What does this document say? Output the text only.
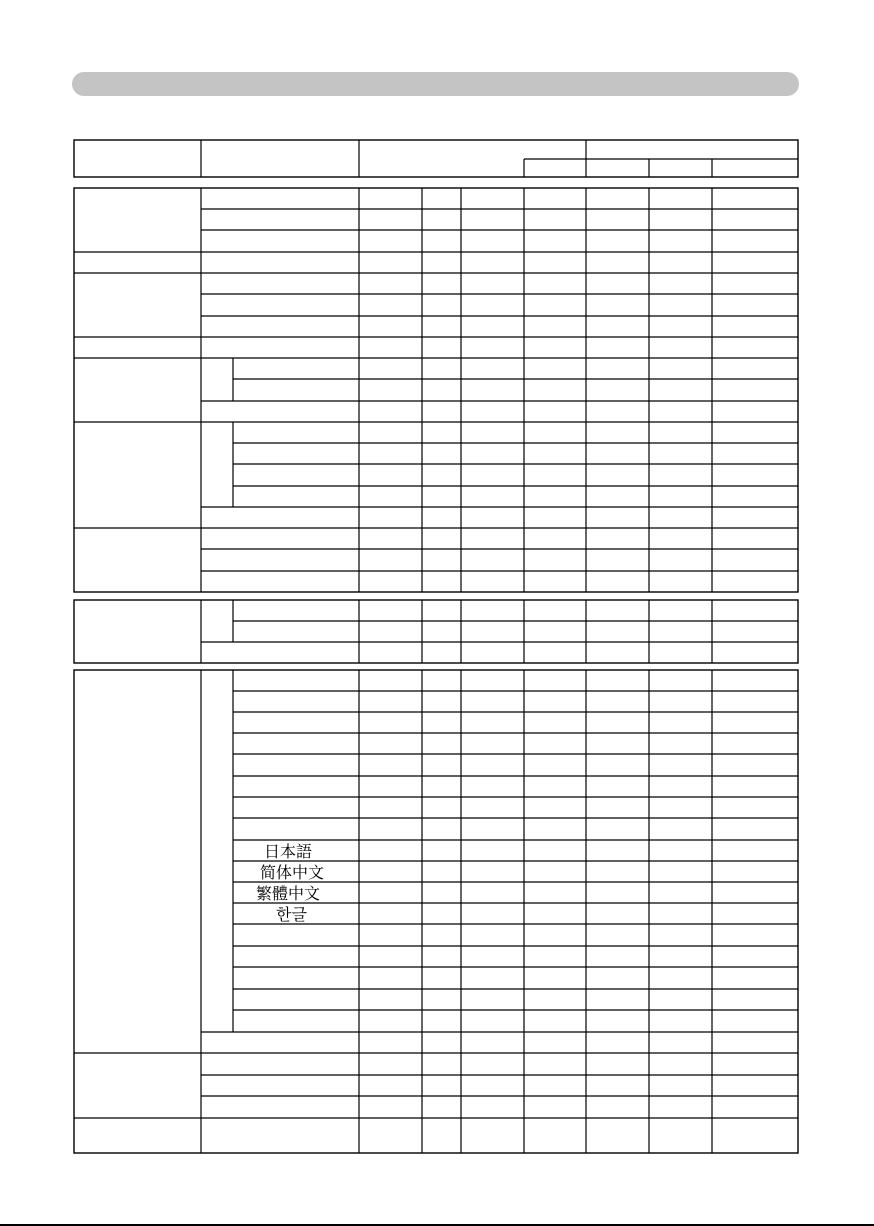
日本語
简体中文
繁體中文
한글
